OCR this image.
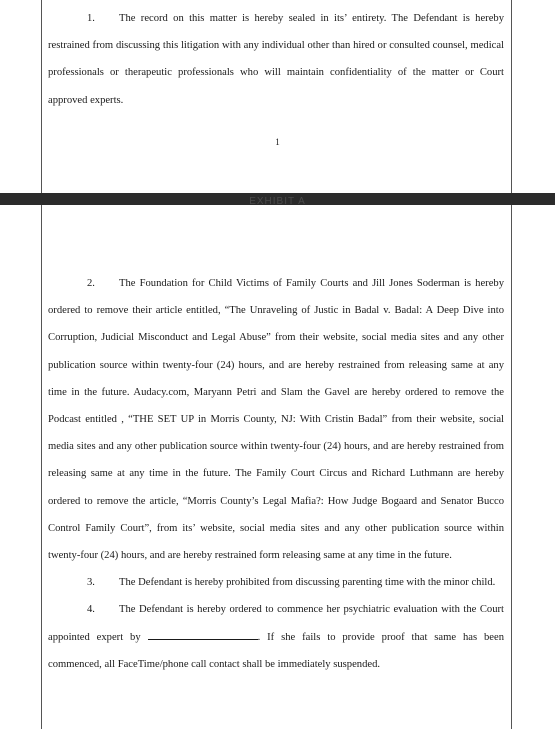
1. The record on this matter is hereby sealed in its’ entirety. The Defendant is hereby restrained from discussing this litigation with any individual other than hired or consulted counsel, medical professionals or therapeutic professionals who will maintain confidentiality of the matter or Court approved experts.

1
EXHIBIT A

2. The Foundation for Child Victims of Family Courts and Jill Jones Soderman is hereby ordered to remove their article entitled, “The Unraveling of Justic in Badal v. Badal: A Deep Dive into Corruption, Judicial Misconduct and Legal Abuse” from their website, social media sites and any other publication source within twenty-four (24) hours, and are hereby restrained from releasing same at any time in the future. Audacy.com, Maryann Petri and Slam the Gavel are hereby ordered to remove the Podcast entitled , “THE SET UP in Morris County, NJ: With Cristin Badal” from their website, social media sites and any other publication source within twenty-four (24) hours, and are hereby restrained from releasing same at any time in the future. The Family Court Circus and Richard Luthmann are hereby ordered to remove the article, “Morris County’s Legal Mafia?: How Judge Bogaard and Senator Bucco Control Family Court”, from its’ website, social media sites and any other publication source within twenty-four (24) hours, and are hereby restrained form releasing same at any time in the future.

3. The Defendant is hereby prohibited from discussing parenting time with the minor child.

4. The Defendant is hereby ordered to commence her psychiatric evaluation with the Court appointed expert by	. If she fails to provide proof that same has been commenced, all FaceTime/phone call contact shall be immediately suspended.
